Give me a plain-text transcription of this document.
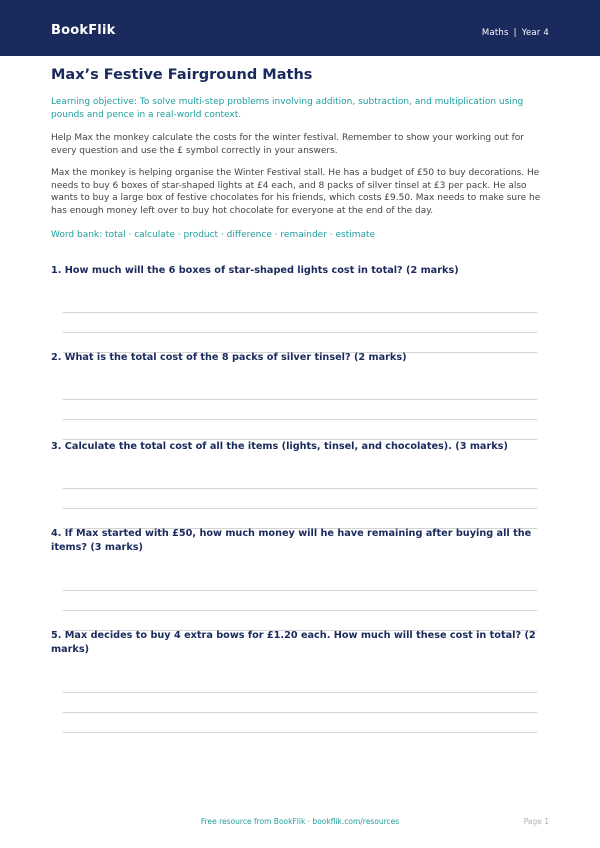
BookFlik	Maths | Year 4
Max’s Festive Fairground Maths
Learning objective: To solve multi-step problems involving addition, subtraction, and multiplication using pounds and pence in a real-world context.
Help Max the monkey calculate the costs for the winter festival. Remember to show your working out for every question and use the £ symbol correctly in your answers.
Max the monkey is helping organise the Winter Festival stall. He has a budget of £50 to buy decorations. He needs to buy 6 boxes of star-shaped lights at £4 each, and 8 packs of silver tinsel at £3 per pack. He also wants to buy a large box of festive chocolates for his friends, which costs £9.50. Max needs to make sure he has enough money left over to buy hot chocolate for everyone at the end of the day.
Word bank: total · calculate · product · difference · remainder · estimate
1. How much will the 6 boxes of star-shaped lights cost in total? (2 marks)
2. What is the total cost of the 8 packs of silver tinsel? (2 marks)
3. Calculate the total cost of all the items (lights, tinsel, and chocolates). (3 marks)
4. If Max started with £50, how much money will he have remaining after buying all the items? (3 marks)
5. Max decides to buy 4 extra bows for £1.20 each. How much will these cost in total? (2 marks)
Free resource from BookFlik · bookflik.com/resources	Page 1
